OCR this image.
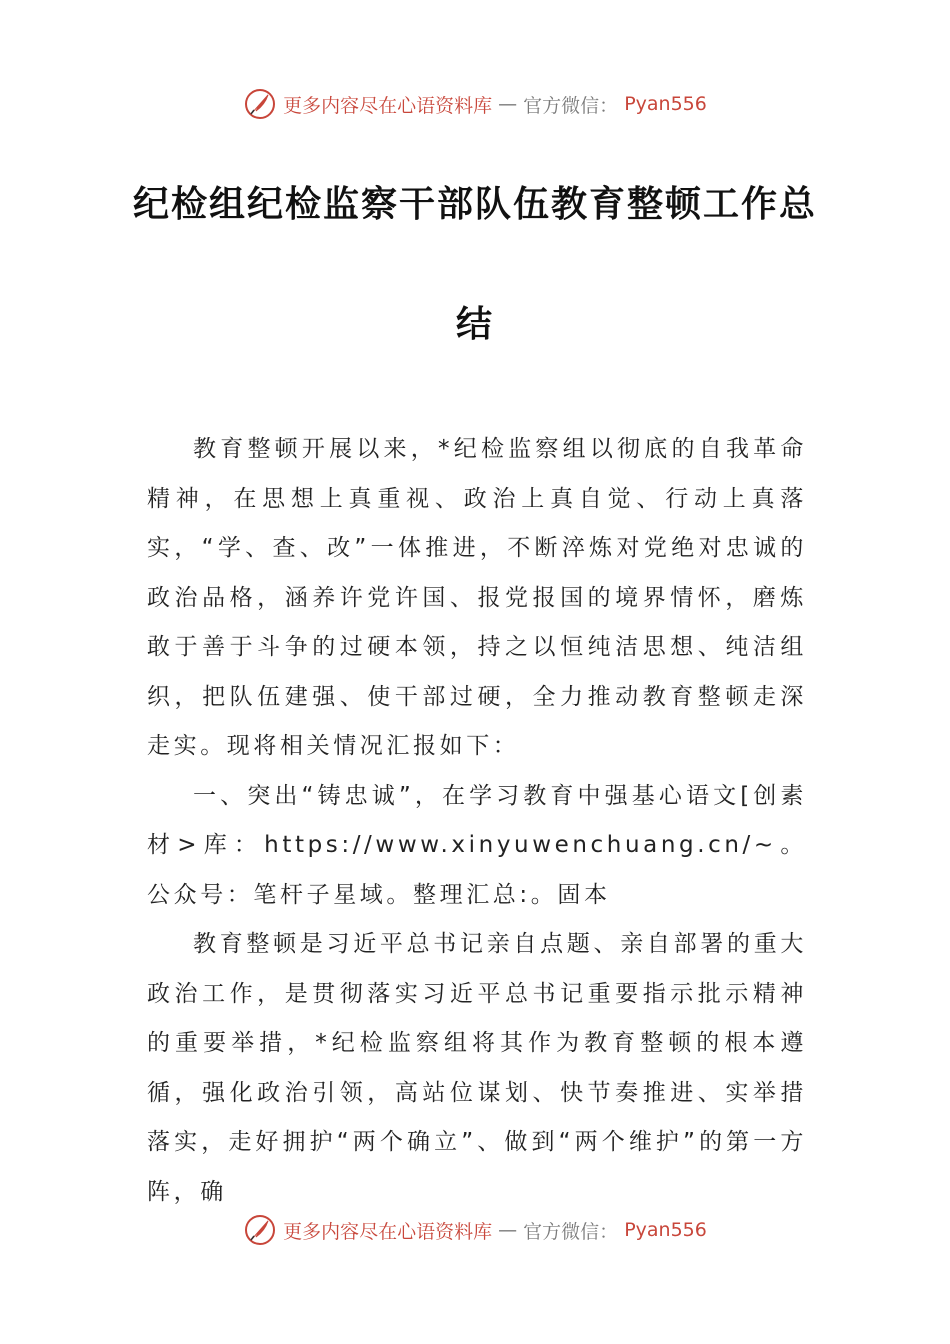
更多内容尽在心语资料库 — 官方微信： Pyan556
纪检组纪检监察干部队伍教育整顿工作总
结

教育整顿开展以来，*纪检监察组以彻底的自我革命精神，在思想上真重视、政治上真自觉、行动上真落实，“学、查、改”一体推进，不断淬炼对党绝对忠诚的政治品格，涵养许党许国、报党报国的境界情怀，磨炼敢于善于斗争的过硬本领，持之以恒纯洁思想、纯洁组织，把队伍建强、使干部过硬，全力推动教育整顿走深走实。现将相关情况汇报如下：

一、突出“铸忠诚”，在学习教育中强基心语文[创素材>库：https://www.xinyuwenchuang.cn/~。公众号：笔杆子星域。整理汇总:。固本

教育整顿是习近平总书记亲自点题、亲自部署的重大政治工作，是贯彻落实习近平总书记重要指示批示精神的重要举措，*纪检监察组将其作为教育整顿的根本遵循，强化政治引领，高站位谋划、快节奏推进、实举措落实，走好拥护“两个确立”、做到“两个维护”的第一方阵，确

更多内容尽在心语资料库 — 官方微信： Pyan556
